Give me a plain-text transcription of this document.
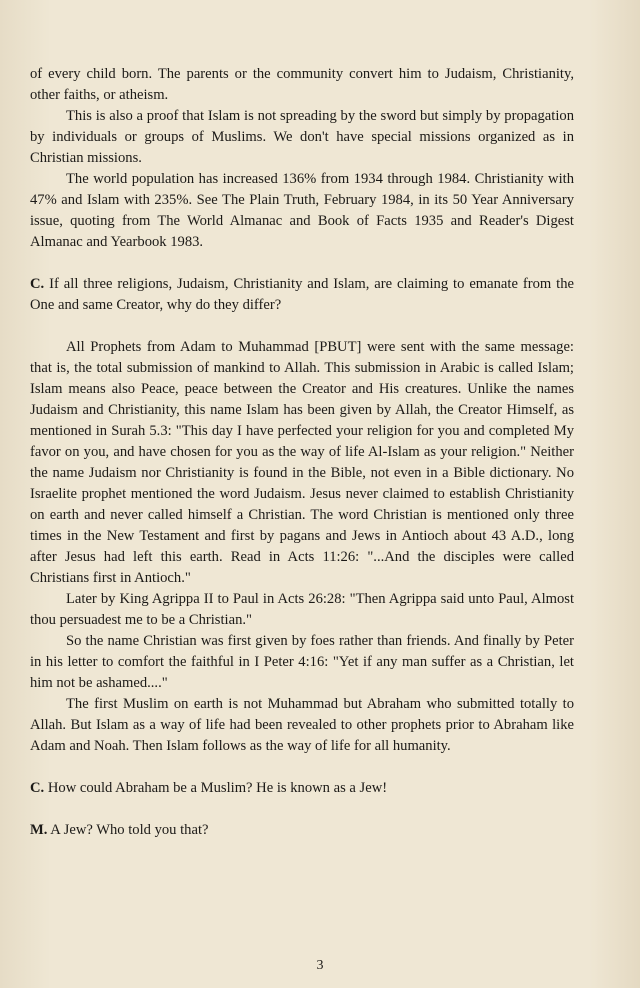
of every child born. The parents or the community convert him to Judaism, Christianity, other faiths, or atheism.

This is also a proof that Islam is not spreading by the sword but simply by propagation by individuals or groups of Muslims. We don't have special missions organized as in Christian missions.

The world population has increased 136% from 1934 through 1984. Christianity with 47% and Islam with 235%. See The Plain Truth, February 1984, in its 50 Year Anniversary issue, quoting from The World Almanac and Book of Facts 1935 and Reader's Digest Almanac and Yearbook 1983.

C. If all three religions, Judaism, Christianity and Islam, are claiming to emanate from the One and same Creator, why do they differ?

All Prophets from Adam to Muhammad [PBUT] were sent with the same message: that is, the total submission of mankind to Allah. This submission in Arabic is called Islam; Islam means also Peace, peace between the Creator and His creatures. Unlike the names Judaism and Christianity, this name Islam has been given by Allah, the Creator Himself, as mentioned in Surah 5.3: "This day I have perfected your religion for you and completed My favor on you, and have chosen for you as the way of life Al-Islam as your religion." Neither the name Judaism nor Christianity is found in the Bible, not even in a Bible dictionary. No Israelite prophet mentioned the word Judaism. Jesus never claimed to establish Christianity on earth and never called himself a Christian. The word Christian is mentioned only three times in the New Testament and first by pagans and Jews in Antioch about 43 A.D., long after Jesus had left this earth. Read in Acts 11:26: "...And the disciples were called Christians first in Antioch."

Later by King Agrippa II to Paul in Acts 26:28: "Then Agrippa said unto Paul, Almost thou persuadest me to be a Christian."

So the name Christian was first given by foes rather than friends. And finally by Peter in his letter to comfort the faithful in I Peter 4:16: "Yet if any man suffer as a Christian, let him not be ashamed...."

The first Muslim on earth is not Muhammad but Abraham who submitted totally to Allah. But Islam as a way of life had been revealed to other prophets prior to Abraham like Adam and Noah. Then Islam follows as the way of life for all humanity.

C. How could Abraham be a Muslim? He is known as a Jew!

M. A Jew? Who told you that?

3
